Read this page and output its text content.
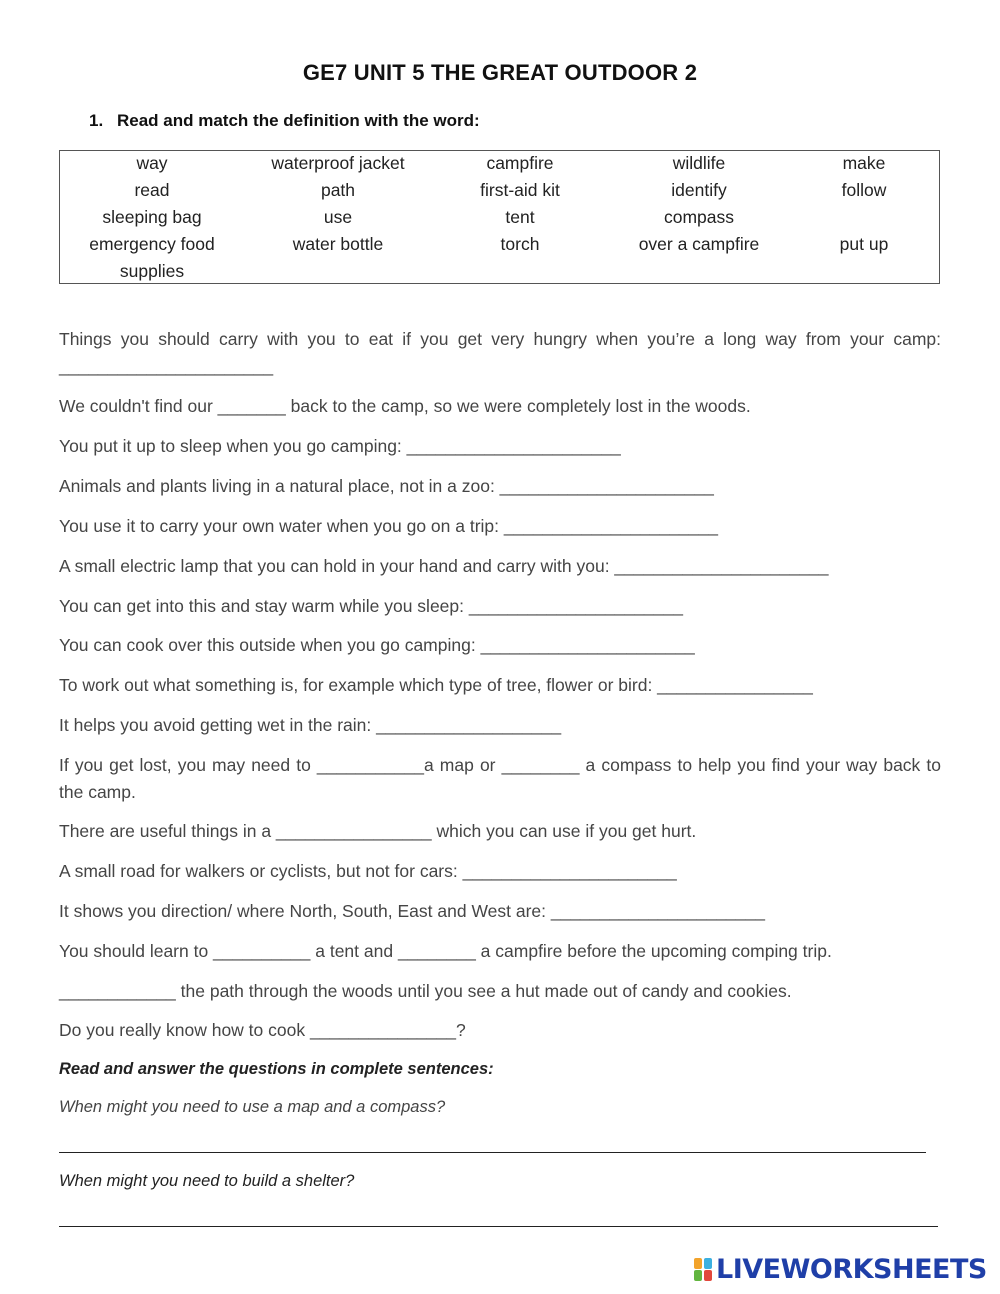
GE7 UNIT 5 THE GREAT OUTDOOR 2
1. Read and match the definition with the word:
way	waterproof jacket	campfire	wildlife	make
read	path	first-aid kit	identify	follow
sleeping bag	use	tent	compass
emergency food	water bottle	torch	over a campfire	put up
supplies
Things you should carry with you to eat if you get very hungry when you’re a long way from your camp: ______________________
We couldn't find our _______ back to the camp, so we were completely lost in the woods.
You put it up to sleep when you go camping: ______________________
Animals and plants living in a natural place, not in a zoo: ______________________
You use it to carry your own water when you go on a trip: ______________________
A small electric lamp that you can hold in your hand and carry with you: ______________________
You can get into this and stay warm while you sleep: ______________________
You can cook over this outside when you go camping: ______________________
To work out what something is, for example which type of tree, flower or bird: ________________
It helps you avoid getting wet in the rain: ___________________
If you get lost, you may need to ___________a map or ________ a compass to help you find your way back to the camp.
There are useful things in a ________________ which you can use if you get hurt.
A small road for walkers or cyclists, but not for cars: ______________________
It shows you direction/ where North, South, East and West are: ______________________
You should learn to __________ a tent and ________ a campfire before the upcoming comping trip.
____________ the path through the woods until you see a hut made out of candy and cookies.
Do you really know how to cook _______________?
Read and answer the questions in complete sentences:
When might you need to use a map and a compass?
When might you need to build a shelter?
LIVEWORKSHEETS
